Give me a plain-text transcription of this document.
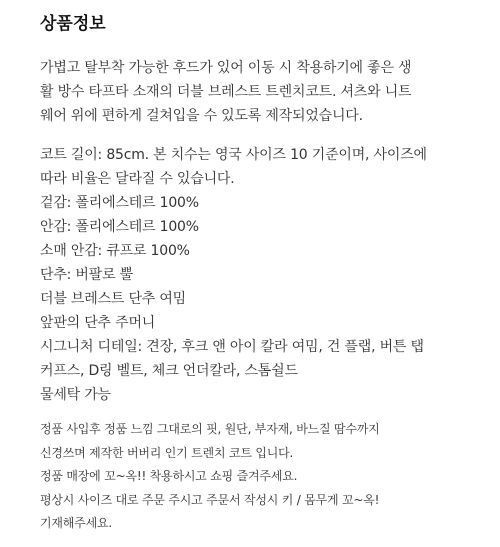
상품정보
가볍고 탈부착 가능한 후드가 있어 이동 시 착용하기에 좋은 생
활 방수 타프타 소재의 더블 브레스트 트렌치코트. 셔츠와 니트
웨어 위에 편하게 걸쳐입을 수 있도록 제작되었습니다.
코트 길이: 85cm. 본 치수는 영국 사이즈 10 기준이며, 사이즈에
따라 비율은 달라질 수 있습니다.
겉감: 폴리에스테르 100%
안감: 폴리에스테르 100%
소매 안감: 큐프로 100%
단추: 버팔로 뿔
더블 브레스트 단추 여밈
앞판의 단추 주머니
시그니처 디테일: 견장, 후크 앤 아이 칼라 여밈, 건 플랩, 버튼 탭
커프스, D링 벨트, 체크 언더칼라, 스톰쉴드
물세탁 가능
정품 사입후 정품 느낌 그대로의 핏, 원단, 부자재, 바느질 땀수까지
신경쓰며 제작한 버버리 인기 트렌치 코트 입니다.
정품 매장에 꼬~옥!! 착용하시고 쇼핑 즐겨주세요.
평상시 사이즈 대로 주문 주시고 주문서 작성시 키 / 몸무게 꼬~옥!
기재해주세요.
